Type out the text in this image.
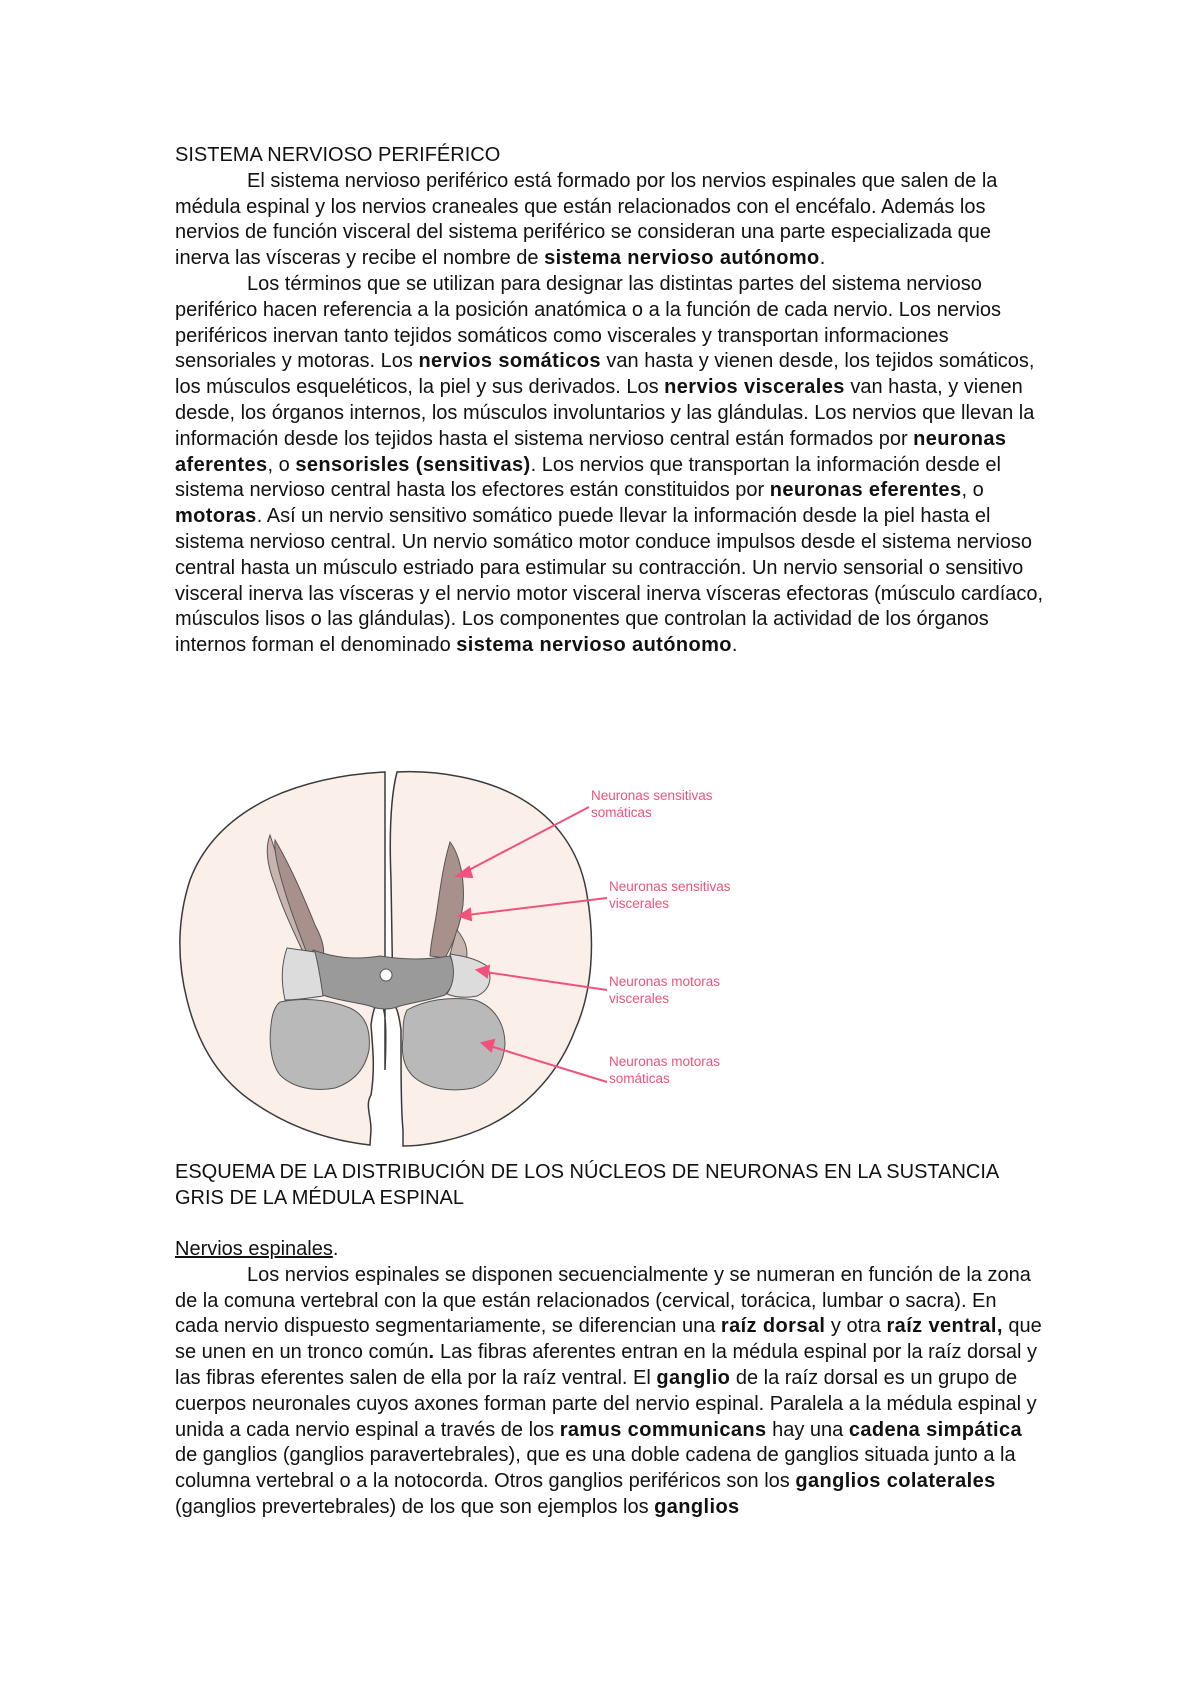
SISTEMA NERVIOSO PERIFÉRICO

El sistema nervioso periférico está formado por los nervios espinales que salen de la médula espinal y los nervios craneales que están relacionados con el encéfalo. Además los nervios de función visceral del sistema periférico se consideran una parte especializada que inerva las vísceras y recibe el nombre de sistema nervioso autónomo.

Los términos que se utilizan para designar las distintas partes del sistema nervioso periférico hacen referencia a la posición anatómica o a la función de cada nervio. Los nervios periféricos inervan tanto tejidos somáticos como viscerales y transportan informaciones sensoriales y motoras. Los nervios somáticos van hasta y vienen desde, los tejidos somáticos, los músculos esqueléticos, la piel y sus derivados. Los nervios viscerales van hasta, y vienen desde, los órganos internos, los músculos involuntarios y las glándulas. Los nervios que llevan la información desde los tejidos hasta el sistema nervioso central están formados por neuronas aferentes, o sensorisles (sensitivas). Los nervios que transportan la información desde el sistema nervioso central hasta los efectores están constituidos por neuronas eferentes, o motoras. Así un nervio sensitivo somático puede llevar la información desde la piel hasta el sistema nervioso central. Un nervio somático motor conduce impulsos desde el sistema nervioso central hasta un músculo estriado para estimular su contracción. Un nervio sensorial o sensitivo visceral inerva las vísceras y el nervio motor visceral inerva vísceras efectoras (músculo cardíaco, músculos lisos o las glándulas). Los componentes que controlan la actividad de los órganos internos forman el denominado sistema nervioso autónomo.

Neuronas sensitivas
somáticas
Neuronas sensitivas
viscerales
Neuronas motoras
viscerales
Neuronas motoras
somáticas

ESQUEMA DE LA DISTRIBUCIÓN DE LOS NÚCLEOS DE NEURONAS EN LA SUSTANCIA GRIS DE LA MÉDULA ESPINAL

Nervios espinales.

Los nervios espinales se disponen secuencialmente y se numeran en función de la zona de la comuna vertebral con la que están relacionados (cervical, torácica, lumbar o sacra). En cada nervio dispuesto segmentariamente, se diferencian una raíz dorsal y otra raíz ventral, que se unen en un tronco común. Las fibras aferentes entran en la médula espinal por la raíz dorsal y las fibras eferentes salen de ella por la raíz ventral. El ganglio de la raíz dorsal es un grupo de cuerpos neuronales cuyos axones forman parte del nervio espinal. Paralela a la médula espinal y unida a cada nervio espinal a través de los ramus communicans hay una cadena simpática de ganglios (ganglios paravertebrales), que es una doble cadena de ganglios situada junto a la columna vertebral o a la notocorda. Otros ganglios periféricos son los ganglios colaterales (ganglios prevertebrales) de los que son ejemplos los ganglios
